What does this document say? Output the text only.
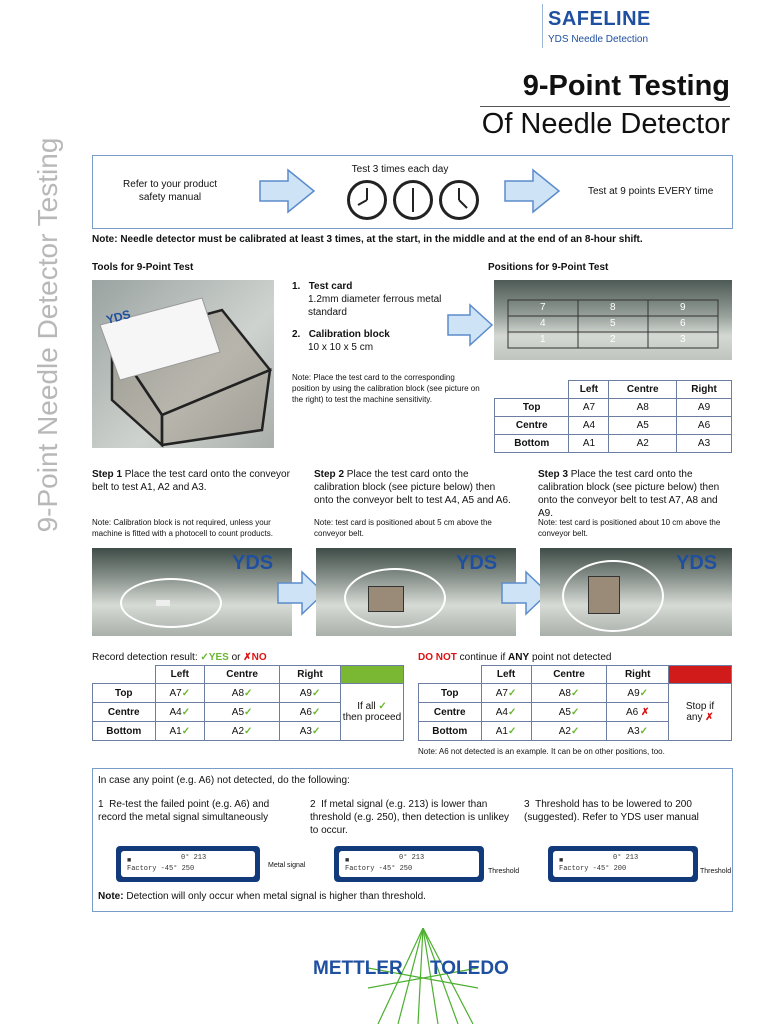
SAFELINE
YDS Needle Detection
9-Point Testing
Of Needle Detector
9-Point Needle Detector Testing	Refer to your product safety manual
Test 3 times each day
Test at 9 points EVERY time
Note: Needle detector must be calibrated at least 3 times, at the start, in the middle and at the end of an 8-hour shift.
Tools for 9-Point Test
YDS
1. Test card
1.2mm diameter ferrous metal standard
2. Calibration block
10 x 10 x 5 cm
Note: Place the test card to the corresponding position by using the calibration block (see picture on the right) to test the machine sensitivity.
Positions for 9-Point Test
7	8	9
4	5	6
1	2	3
	Left	Centre	Right
Top	A7	A8	A9
Centre	A4	A5	A6
Bottom	A1	A2	A3
Step 1 Place the test card onto the conveyor belt to test A1, A2 and A3.
Note: Calibration block is not required, unless your machine is fitted with a photocell to count products.
Step 2 Place the test card onto the calibration block (see picture below) then onto the conveyor belt to test A4, A5 and A6.
Note: test card is positioned about 5 cm above the conveyor belt.
Step 3 Place the test card onto the calibration block (see picture below) then onto the conveyor belt to test A7, A8 and A9.
Note: test card is positioned about 10 cm above the conveyor belt.
YDS	YDS	YDS
Record detection result: ✓YES or ✗NO
	Left	Centre	Right	
Top	A7✓	A8✓	A9✓	If all ✓
then proceed
Centre	A4✓	A5✓	A6✓	
Bottom	A1✓	A2✓	A3✓	
DO NOT continue if ANY point not detected
	Left	Centre	Right	
Top	A7✓	A8✓	A9✓	Stop if
any ✗
Centre	A4✓	A5✓	A6 ✗	
Bottom	A1✓	A2✓	A3✓	
Note: A6 not detected is an example. It can be on other positions, too.
In case any point (e.g. A6) not detected, do the following:
1 Re-test the failed point (e.g. A6) and record the metal signal simultaneously
2 If metal signal (e.g. 213) is lower than threshold (e.g. 250), then detection is unlikey to occur.
3 Threshold has to be lowered to 200 (suggested). Refer to YDS user manual
■	0° 213
Factory -45° 250	Metal signal
■	0° 213
Factory -45° 250	Threshold
■	0° 213
Factory -45° 200	Threshold
Note: Detection will only occur when metal signal is higher than threshold.
METTLER TOLEDO
